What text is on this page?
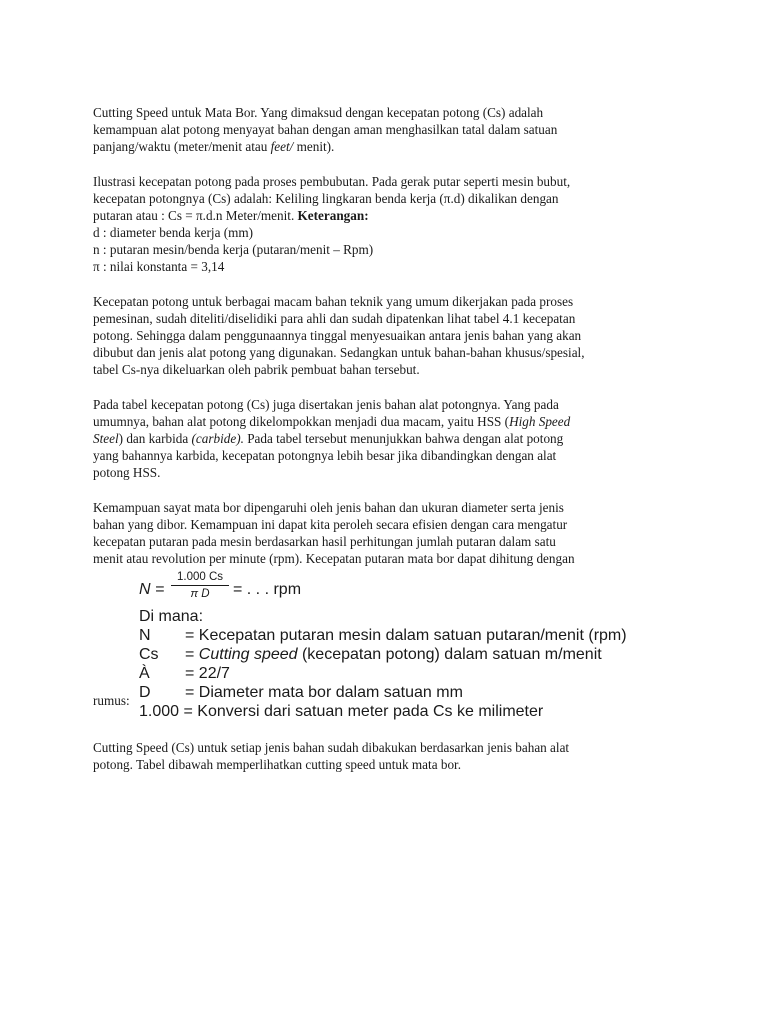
Cutting Speed untuk Mata Bor. Yang dimaksud dengan kecepatan potong (Cs) adalah
kemampuan alat potong menyayat bahan dengan aman menghasilkan tatal dalam satuan
panjang/waktu (meter/menit atau feet/ menit).

Ilustrasi kecepatan potong pada proses pembubutan. Pada gerak putar seperti mesin bubut,
kecepatan potongnya (Cs) adalah: Keliling lingkaran benda kerja (π.d) dikalikan dengan
putaran atau : Cs = π.d.n Meter/menit. Keterangan:
d : diameter benda kerja (mm)
n : putaran mesin/benda kerja (putaran/menit – Rpm)
π : nilai konstanta = 3,14

Kecepatan potong untuk berbagai macam bahan teknik yang umum dikerjakan pada proses
pemesinan, sudah diteliti/diselidiki para ahli dan sudah dipatenkan lihat tabel 4.1 kecepatan
potong. Sehingga dalam penggunaannya tinggal menyesuaikan antara jenis bahan yang akan
dibubut dan jenis alat potong yang digunakan. Sedangkan untuk bahan-bahan khusus/spesial,
tabel Cs-nya dikeluarkan oleh pabrik pembuat bahan tersebut.

Pada tabel kecepatan potong (Cs) juga disertakan jenis bahan alat potongnya. Yang pada
umumnya, bahan alat potong dikelompokkan menjadi dua macam, yaitu HSS (High Speed
Steel) dan karbida (carbide). Pada tabel tersebut menunjukkan bahwa dengan alat potong
yang bahannya karbida, kecepatan potongnya lebih besar jika dibandingkan dengan alat
potong HSS.

Kemampuan sayat mata bor dipengaruhi oleh jenis bahan dan ukuran diameter serta jenis
bahan yang dibor. Kemampuan ini dapat kita peroleh secara efisien dengan cara mengatur
kecepatan putaran pada mesin berdasarkan hasil perhitungan jumlah putaran dalam satu
menit atau revolution per minute (rpm). Kecepatan putaran mata bor dapat dihitung dengan

rumus:
$N = \frac{1.000 Cs}{\text{π D}}$ = . . . rpm
Di mana:
N = Kecepatan putaran mesin dalam satuan putaran/menit (rpm)
Cs = Cutting speed (kecepatan potong) dalam satuan m/menit
À = 22/7
D = Diameter mata bor dalam satuan mm
1.000 = Konversi dari satuan meter pada Cs ke milimeter

Cutting Speed (Cs) untuk setiap jenis bahan sudah dibakukan berdasarkan jenis bahan alat
potong. Tabel dibawah memperlihatkan cutting speed untuk mata bor.
